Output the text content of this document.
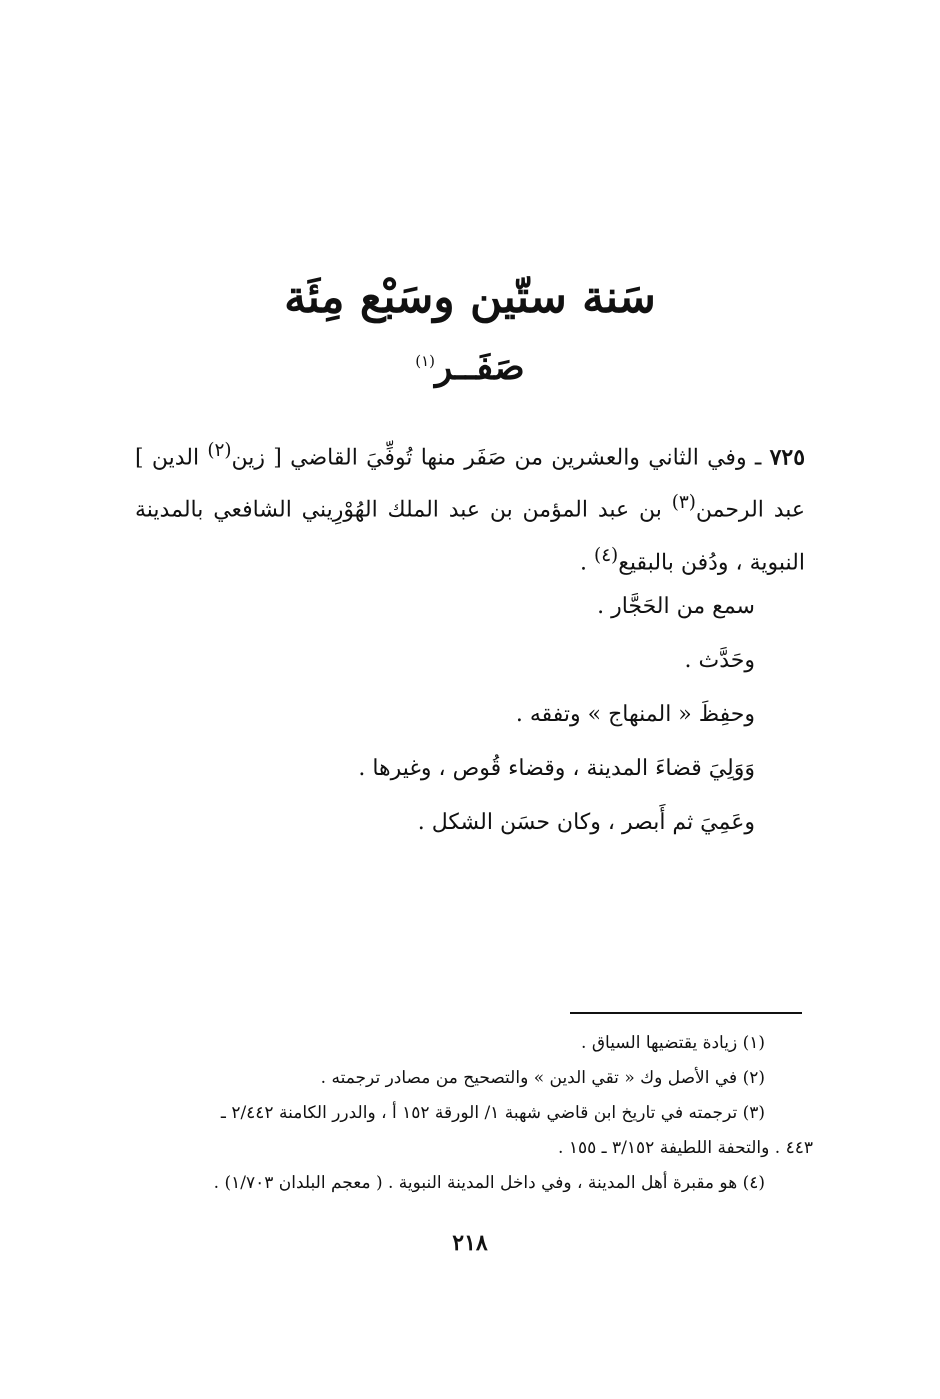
سَنة ستّين وسَبْع مِئَة
صَفَــر$^{(١)}$
٧٢٥ ـ وفي الثاني والعشرين من صَفَر منها تُوفِّيَ القاضي [ زين$^{(٢)}$ الدين ] عبد الرحمن$^{(٣)}$ بن عبد المؤمن بن عبد الملك الهُوْرِيني الشافعي بالمدينة النبوية ، ودُفن بالبقيع$^{(٤)}$ .
سمع من الحَجَّار .
وحَدَّث .
وحفِظَ « المنهاج » وتفقه .
وَوَلِيَ قضاءَ المدينة ، وقضاء قُوص ، وغيرها .
وعَمِيَ ثم أَبصر ، وكان حسَن الشكل .
(١) زيادة يقتضيها السياق .
(٢) في الأصل وك « تقي الدين » والتصحيح من مصادر ترجمته .
(٣) ترجمته في تاريخ ابن قاضي شهبة ١/ الورقة ١٥٢ أ ، والدرر الكامنة ٢/٤٤٢ ـ
٤٤٣ . والتحفة اللطيفة ٣/١٥٢ ـ ١٥٥ .
(٤) هو مقبرة أهل المدينة ، وفي داخل المدينة النبوية . ( معجم البلدان ١/٧٠٣) .
٢١٨
